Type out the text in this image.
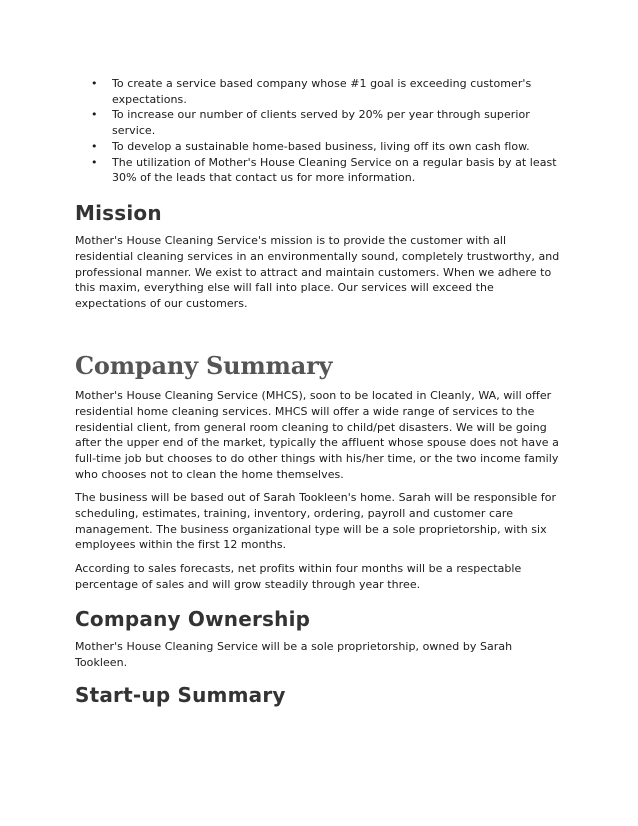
• To create a service based company whose #1 goal is exceeding customer's expectations.
• To increase our number of clients served by 20% per year through superior service.
• To develop a sustainable home-based business, living off its own cash flow.
• The utilization of Mother's House Cleaning Service on a regular basis by at least 30% of the leads that contact us for more information.
Mission

Mother's House Cleaning Service's mission is to provide the customer with all residential cleaning services in an environmentally sound, completely trustworthy, and professional manner. We exist to attract and maintain customers. When we adhere to this maxim, everything else will fall into place. Our services will exceed the expectations of our customers.

Company Summary

Mother's House Cleaning Service (MHCS), soon to be located in Cleanly, WA, will offer residential home cleaning services. MHCS will offer a wide range of services to the residential client, from general room cleaning to child/pet disasters. We will be going after the upper end of the market, typically the affluent whose spouse does not have a full-time job but chooses to do other things with his/her time, or the two income family who chooses not to clean the home themselves.

The business will be based out of Sarah Tookleen's home. Sarah will be responsible for scheduling, estimates, training, inventory, ordering, payroll and customer care management. The business organizational type will be a sole proprietorship, with six employees within the first 12 months.

According to sales forecasts, net profits within four months will be a respectable percentage of sales and will grow steadily through year three.

Company Ownership

Mother's House Cleaning Service will be a sole proprietorship, owned by Sarah Tookleen.

Start-up Summary
